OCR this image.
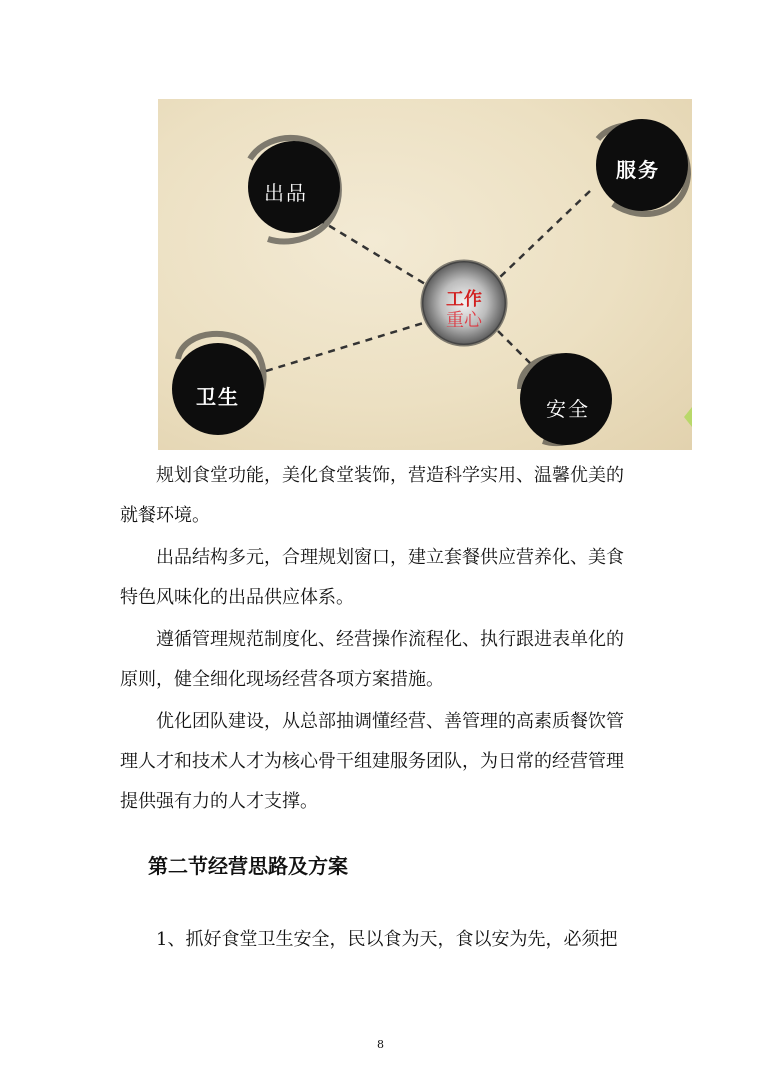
出品
服务
卫生	安全
工作
重心

规划食堂功能，美化食堂装饰，营造科学实用、温馨优美的就餐环境。

出品结构多元，合理规划窗口，建立套餐供应营养化、美食特色风味化的出品供应体系。

遵循管理规范制度化、经营操作流程化、执行跟进表单化的原则，健全细化现场经营各项方案措施。

优化团队建设，从总部抽调懂经营、善管理的高素质餐饮管理人才和技术人才为核心骨干组建服务团队，为日常的经营管理提供强有力的人才支撑。

第二节经营思路及方案

1、抓好食堂卫生安全，民以食为天，食以安为先，必须把

8
